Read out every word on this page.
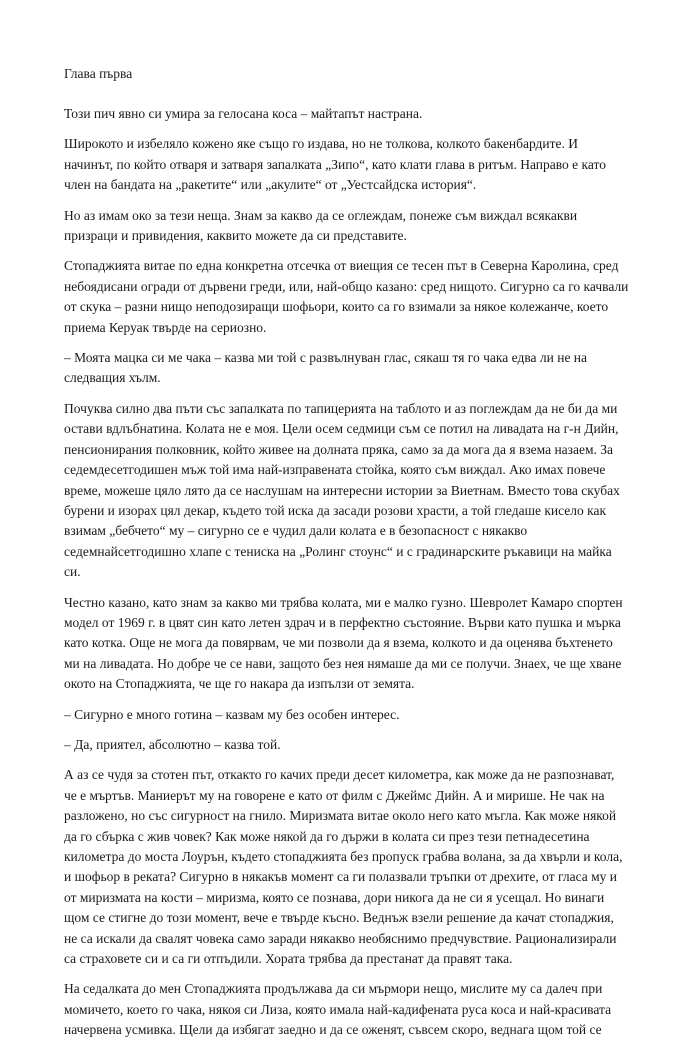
Глава първа

Този пич явно си умира за гелосана коса – майтапът настрана.

Широкото и избеляло кожено яке също го издава, но не толкова, колкото бакенбардите. И начинът, по който отваря и затваря запалката „Зипо“, като клати глава в ритъм. Направо е като член на бандата на „ракетите“ или „акулите“ от „Уестсайдска история“.

Но аз имам око за тези неща. Знам за какво да се оглеждам, понеже съм виждал всякакви призраци и привидения, каквито можете да си представите.

Стопаджията витае по една конкретна отсечка от виещия се тесен път в Северна Каролина, сред небоядисани огради от дървени греди, или, най-общо казано: сред нищото. Сигурно са го качвали от скука – разни нищо неподозиращи шофьори, които са го взимали за някое колежанче, което приема Керуак твърде на сериозно.

– Моята мацка си ме чака – казва ми той с развълнуван глас, сякаш тя го чака едва ли не на следващия хълм.

Почуква силно два пъти със запалката по тапицерията на таблото и аз поглеждам да не би да ми остави вдлъбнатина. Колата не е моя. Цели осем седмици съм се потил на ливадата на г-н Дийн, пенсионирания полковник, който живее на долната пряка, само за да мога да я взема назаем. За седемдесетгодишен мъж той има най-изправената стойка, която съм виждал. Ако имах повече време, можеше цяло лято да се наслушам на интересни истории за Виетнам. Вместо това скубах бурени и изорах цял декар, където той иска да засади розови храсти, а той гледаше кисело как взимам „бебчето“ му – сигурно се е чудил дали колата е в безопасност с някакво седемнайсетгодишно хлапе с тениска на „Ролинг стоунс“ и с градинарските ръкавици на майка си.

Честно казано, като знам за какво ми трябва колата, ми е малко гузно. Шевролет Камаро спортен модел от 1969 г. в цвят син като летен здрач и в перфектно състояние. Върви като пушка и мърка като котка. Още не мога да повярвам, че ми позволи да я взема, колкото и да оценява бъхтенето ми на ливадата. Но добре че се нави, защото без нея нямаше да ми се получи. Знаех, че ще хване окото на Стопаджията, че ще го накара да изпълзи от земята.

– Сигурно е много готина – казвам му без особен интерес.

– Да, приятел, абсолютно – казва той.

А аз се чудя за стотен път, откакто го качих преди десет километра, как може да не разпознават, че е мъртъв. Маниерът му на говорене е като от филм с Джеймс Дийн. А и мирише. Не чак на разложено, но със сигурност на гнило. Миризмата витае около него като мъгла. Как може някой да го сбърка с жив човек? Как може някой да го държи в колата си през тези петнадесетина километра до моста Лоурън, където стопаджията без пропуск грабва волана, за да хвърли и кола, и шофьор в реката? Сигурно в някакъв момент са ги полазвали тръпки от дрехите, от гласа му и от миризмата на кости – миризма, която се познава, дори никога да не си я усещал. Но винаги щом се стигне до този момент, вече е твърде късно. Веднъж взели решение да качат стопаджия, не са искали да свалят човека само заради някакво необяснимо предчувствие. Рационализирали са страховете си и са ги отпъдили. Хората трябва да престанат да правят така.

На седалката до мен Стопаджията продължава да си мърмори нещо, мислите му са далеч при момичето, което го чака, някоя си Лиза, която имала най-кадифената руса коса и най-красивата начервена усмивка. Щели да избягат заедно и да се оженят, съвсем скоро, веднага щом той се
